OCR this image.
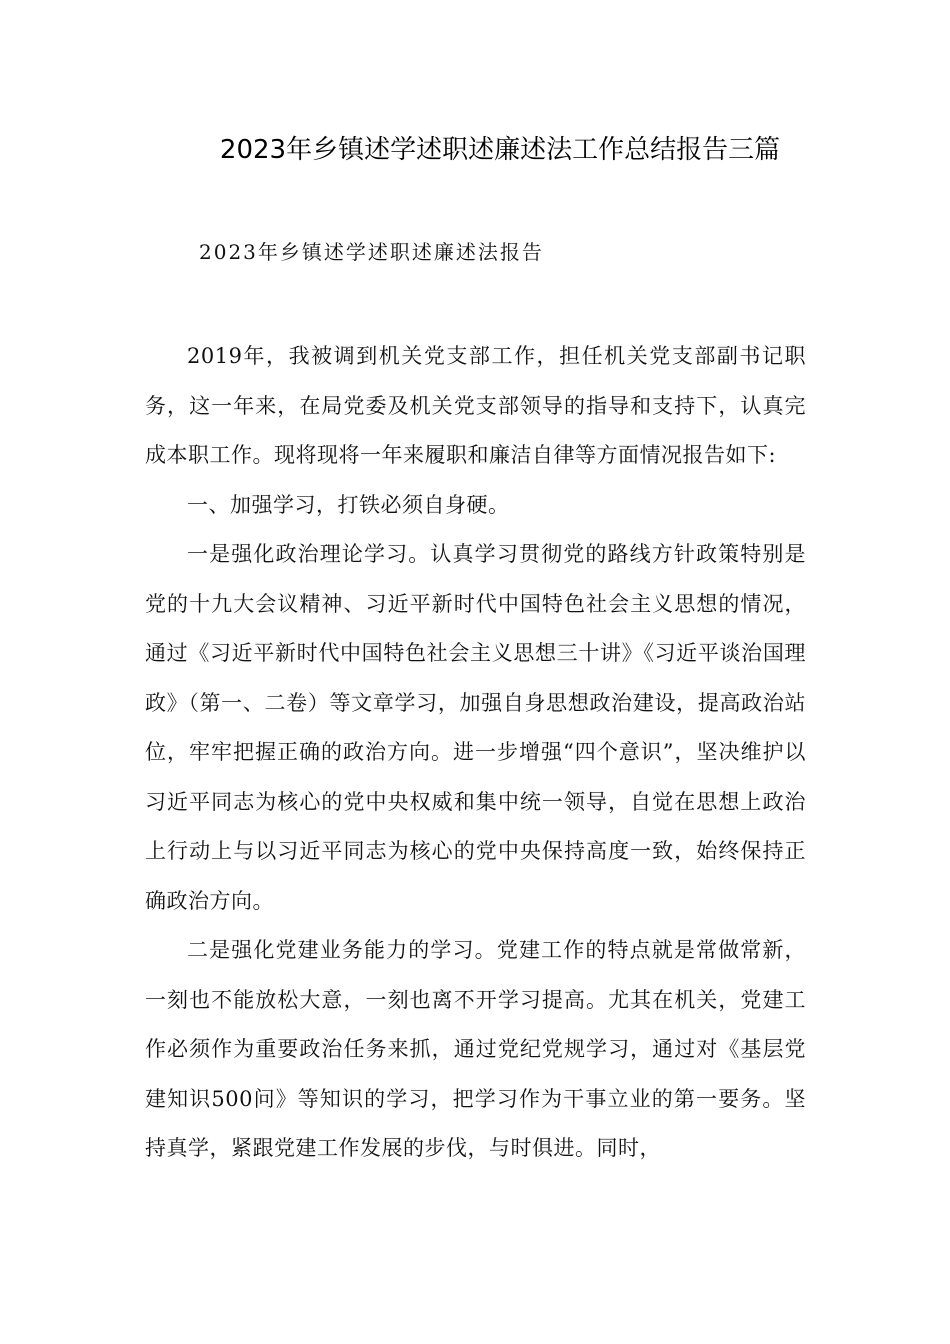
2023年乡镇述学述职述廉述法工作总结报告三篇
2023年乡镇述学述职述廉述法报告

2019年，我被调到机关党支部工作，担任机关党支部副书记职务，这一年来，在局党委及机关党支部领导的指导和支持下，认真完成本职工作。现将现将一年来履职和廉洁自律等方面情况报告如下:

一、加强学习，打铁必须自身硬。

一是强化政治理论学习。认真学习贯彻党的路线方针政策特别是党的十九大会议精神、习近平新时代中国特色社会主义思想的情况，通过《习近平新时代中国特色社会主义思想三十讲》《习近平谈治国理政》（第一、二卷）等文章学习，加强自身思想政治建设，提高政治站位，牢牢把握正确的政治方向。进一步增强“四个意识”，坚决维护以习近平同志为核心的党中央权威和集中统一领导，自觉在思想上政治上行动上与以习近平同志为核心的党中央保持高度一致，始终保持正确政治方向。

二是强化党建业务能力的学习。党建工作的特点就是常做常新，一刻也不能放松大意，一刻也离不开学习提高。尤其在机关，党建工作必须作为重要政治任务来抓，通过党纪党规学习，通过对《基层党建知识500问》等知识的学习，把学习作为干事立业的第一要务。坚持真学，紧跟党建工作发展的步伐，与时俱进。同时，
